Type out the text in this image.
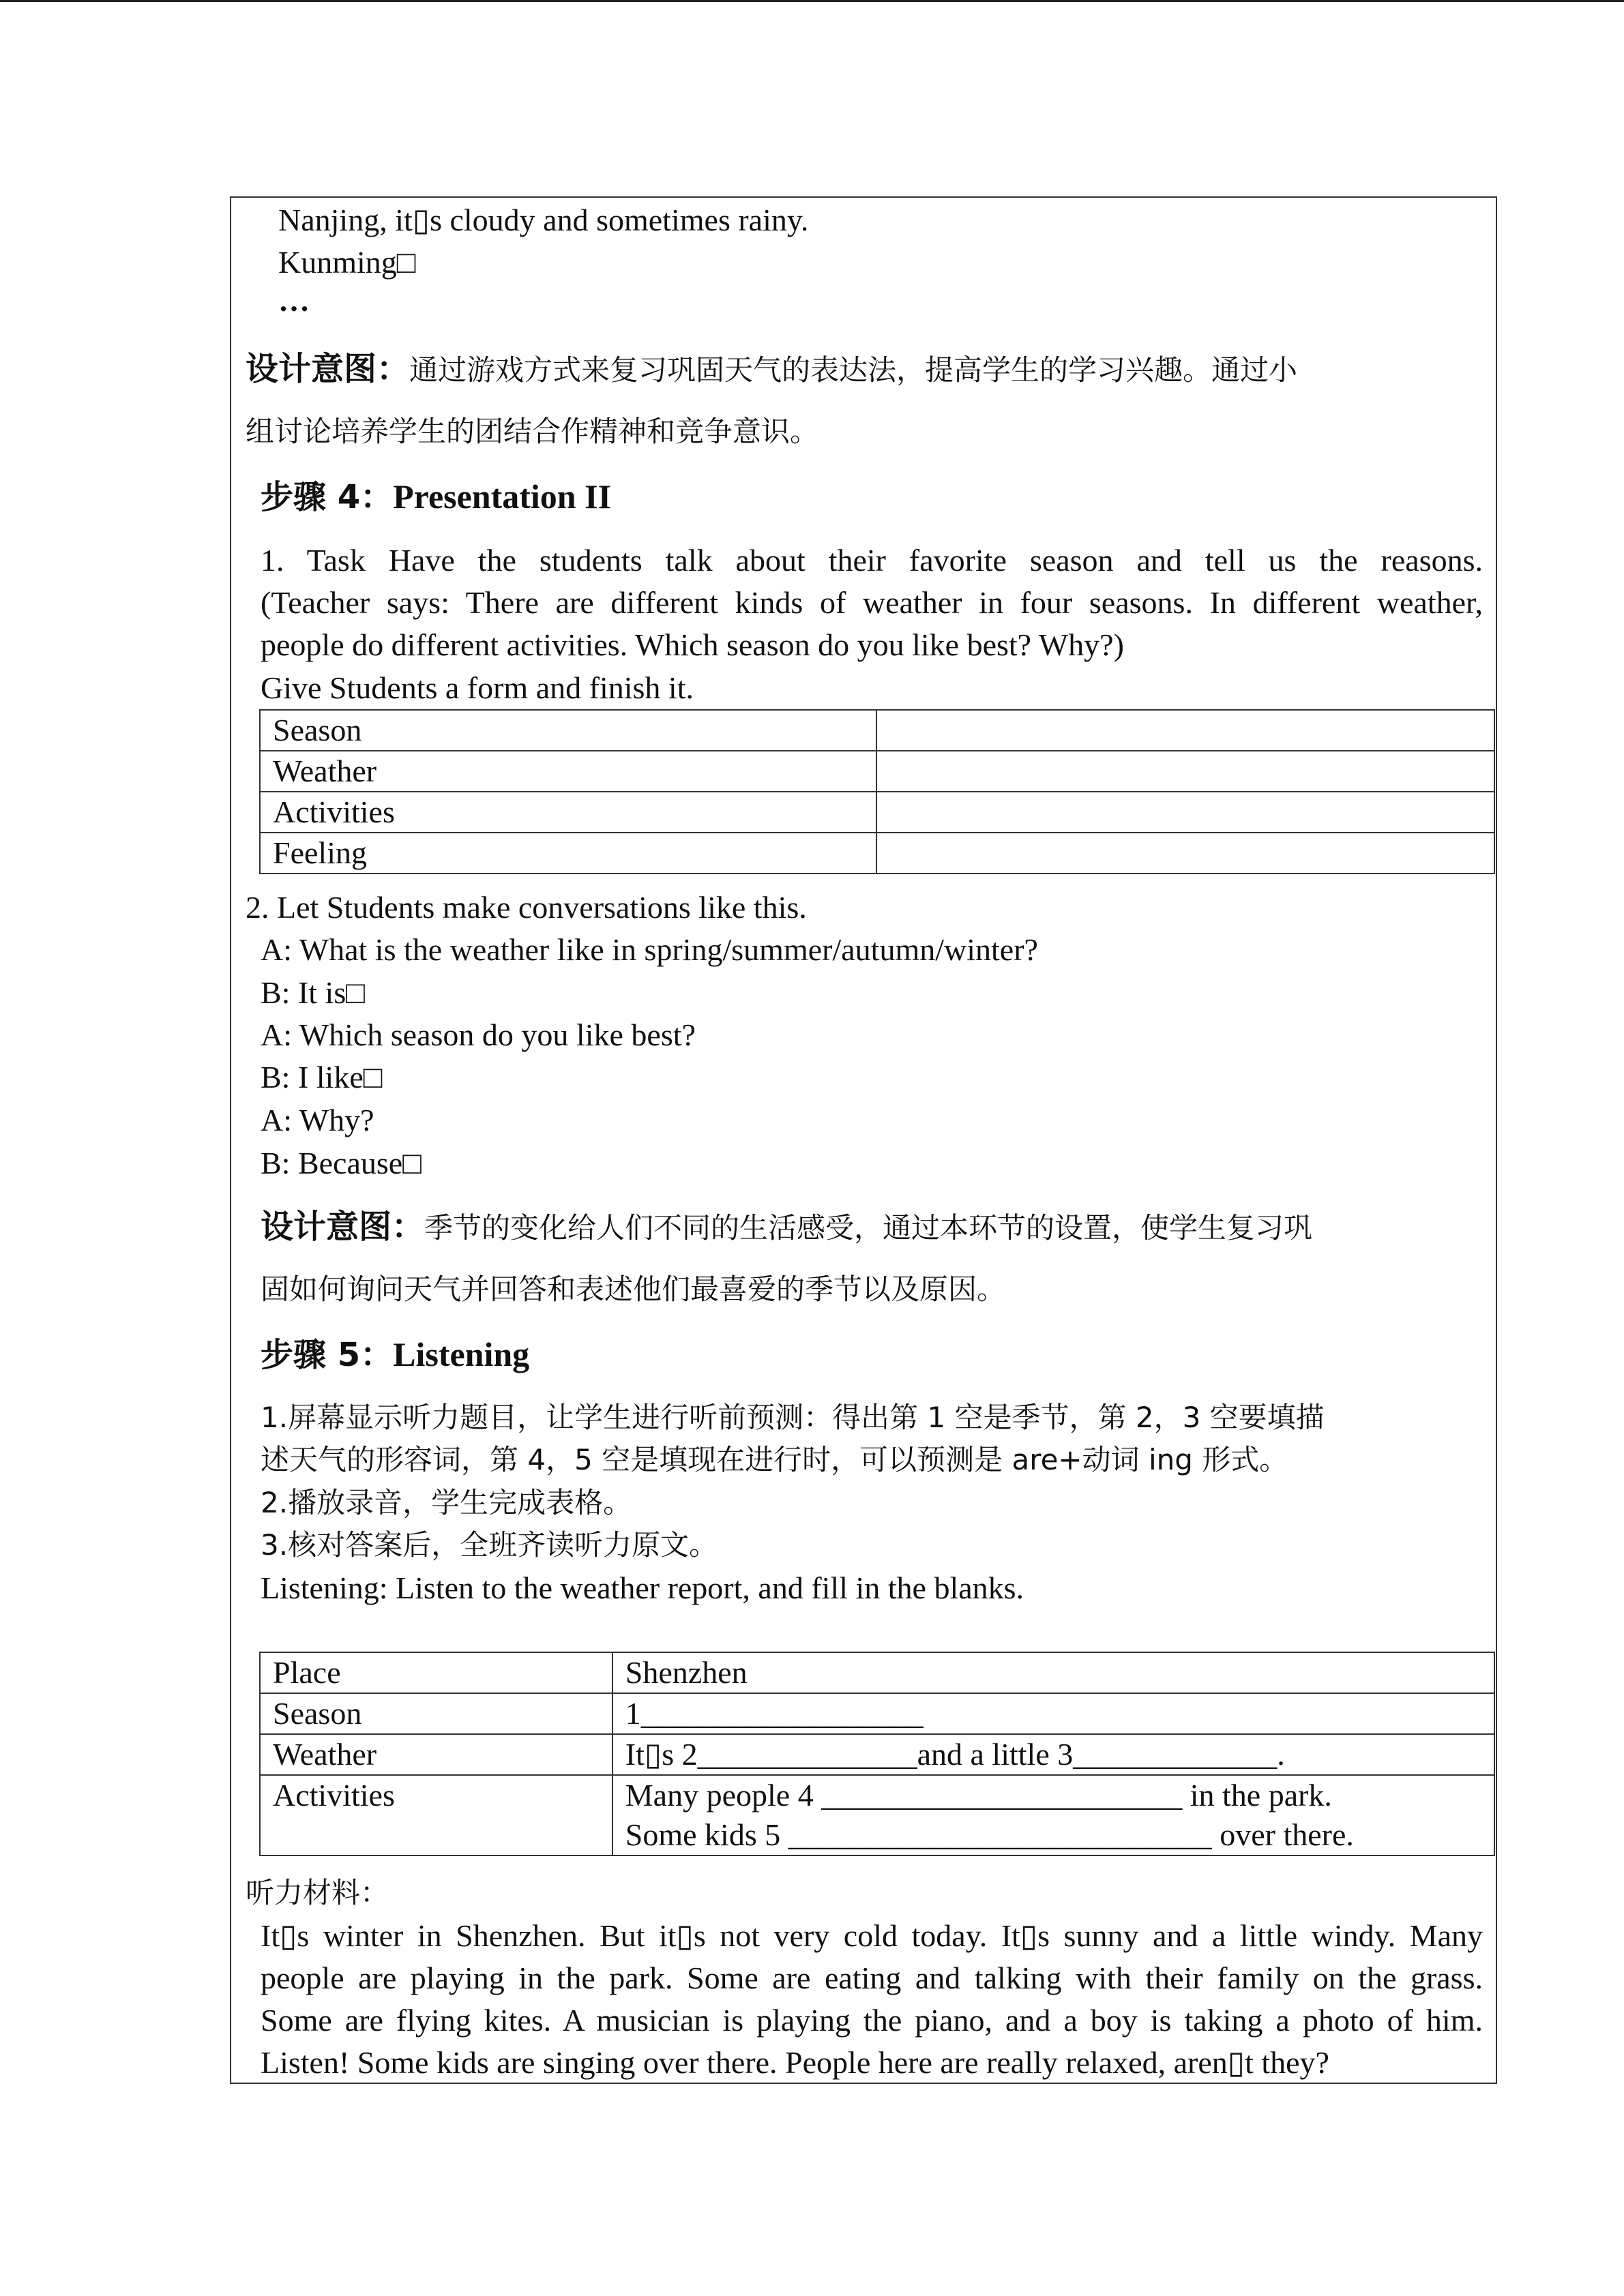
Nanjing, it▯s cloudy and sometimes rainy.
Kunming□
…
设计意图：通过游戏方式来复习巩固天气的表达法，提高学生的学习兴趣。通过小
组讨论培养学生的团结合作精神和竞争意识。
步骤 4：Presentation II
1. Task Have the students talk about their favorite season and tell us the reasons.
(Teacher says: There are different kinds of weather in four seasons. In different weather,
people do different activities. Which season do you like best? Why?)
Give Students a form and finish it.
Season	
Weather	
Activities	
Feeling	
2. Let Students make conversations like this.
A: What is the weather like in spring/summer/autumn/winter?
B: It is□
A: Which season do you like best?
B: I like□
A: Why?
B: Because□
设计意图：季节的变化给人们不同的生活感受，通过本环节的设置，使学生复习巩
固如何询问天气并回答和表述他们最喜爱的季节以及原因。
步骤 5：Listening
1.屏幕显示听力题目，让学生进行听前预测：得出第 1 空是季节，第 2，3 空要填描
述天气的形容词，第 4，5 空是填现在进行时，可以预测是 are+动词 ing 形式。
2.播放录音，学生完成表格。
3.核对答案后，全班齐读听力原文。
Listening: Listen to the weather report, and fill in the blanks.
Place	Shenzhen
Season	1__________________
Weather	It▯s 2______________and a little 3_____________.
Activities	Many people 4 _______________________ in the park.
Some kids 5 ___________________________ over there.
听力材料：
It▯s winter in Shenzhen. But it▯s not very cold today. It▯s sunny and a little windy. Many
people are playing in the park. Some are eating and talking with their family on the grass.
Some are flying kites. A musician is playing the piano, and a boy is taking a photo of him.
Listen! Some kids are singing over there. People here are really relaxed, aren▯t they?
